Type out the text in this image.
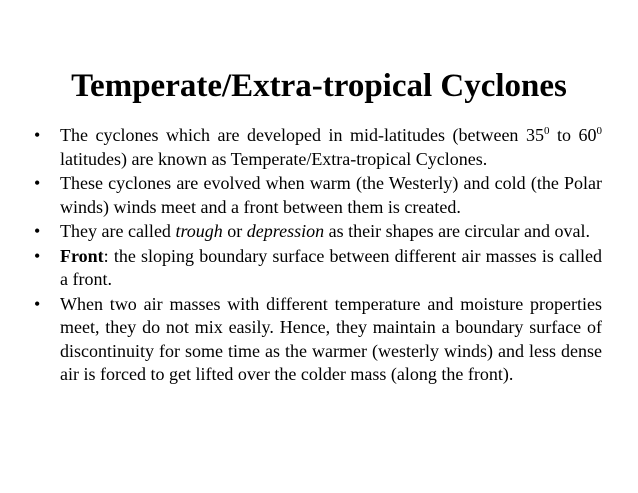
Temperate/Extra-tropical Cyclones
• The cyclones which are developed in mid-latitudes (between $35^0$ to $60^0$ latitudes) are known as Temperate/Extra-tropical Cyclones.
• These cyclones are evolved when warm (the Westerly) and cold (the Polar winds) winds meet and a front between them is created.
• They are called trough or depression as their shapes are circular and oval.
• Front: the sloping boundary surface between different air masses is called a front.
• When two air masses with different temperature and moisture properties meet, they do not mix easily. Hence, they maintain a boundary surface of discontinuity for some time as the warmer (westerly winds) and less dense air is forced to get lifted over the colder mass (along the front).
